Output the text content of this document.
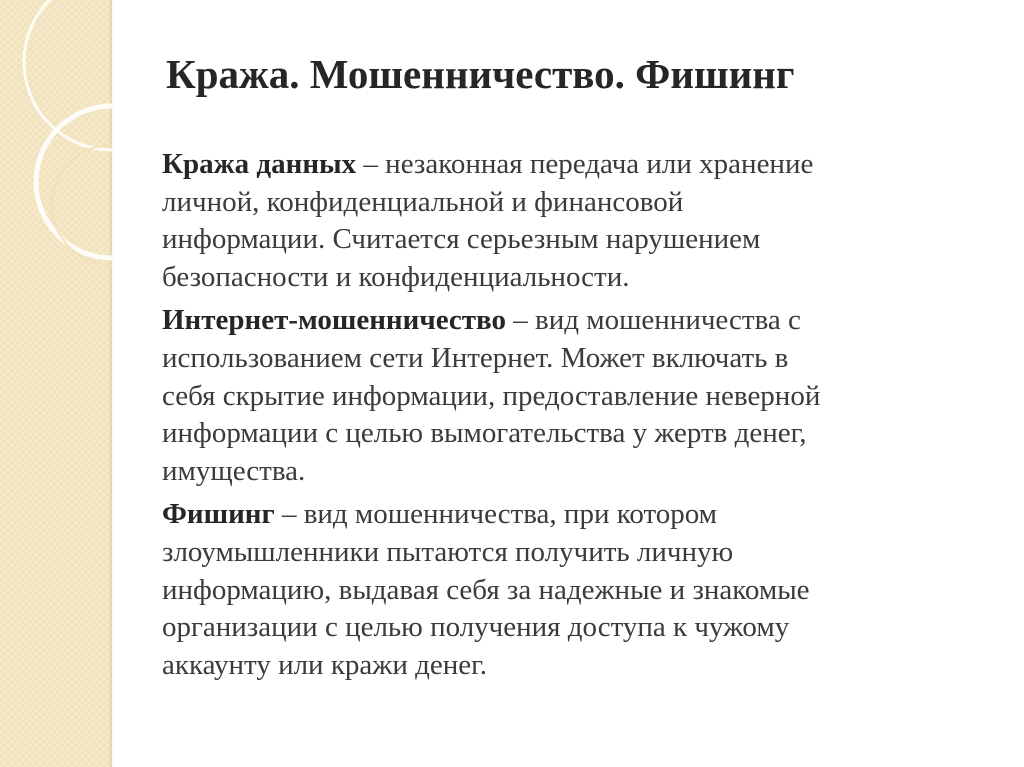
Кража. Мошенничество. Фишинг

Кража данных – незаконная передача или хранение
личной, конфиденциальной и финансовой
информации. Считается серьезным нарушением
безопасности и конфиденциальности.

Интернет-мошенничество – вид мошенничества с
использованием сети Интернет. Может включать в
себя скрытие информации, предоставление неверной
информации с целью вымогательства у жертв денег,
имущества.

Фишинг – вид мошенничества, при котором
злоумышленники пытаются получить личную
информацию, выдавая себя за надежные и знакомые
организации с целью получения доступа к чужому
аккаунту или кражи денег.
